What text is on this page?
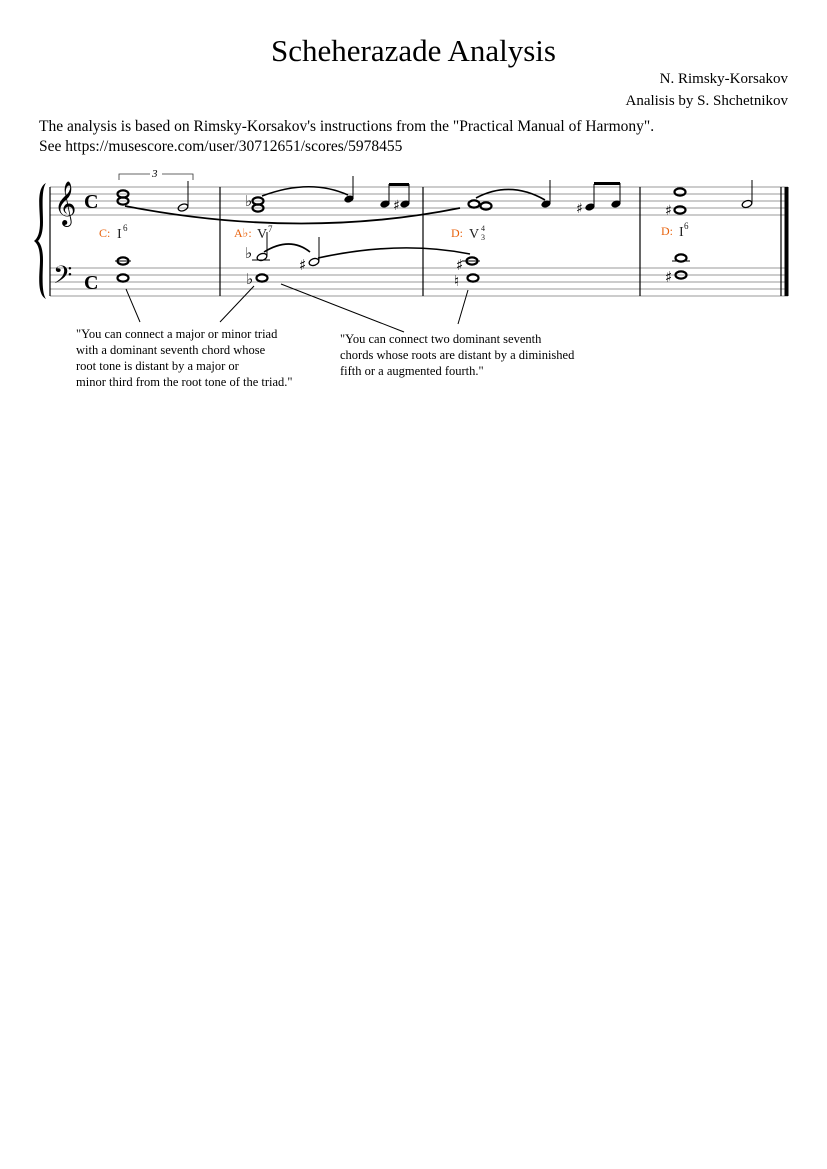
Scheherazade Analysis
N. Rimsky-Korsakov
Analisis by S. Shchetnikov
The analysis is based on Rimsky-Korsakov's instructions from the "Practical Manual of Harmony".
See https://musescore.com/user/30712651/scores/5978455
𝄞
𝄢
C
C
3
C: I 6
♭	♯
♭
♯
♭
A♭: V 7
♯
♯
♮
D: V 4
3
♯
♯
D: I 6
"You can connect a major or minor triad
with a dominant seventh chord whose
root tone is distant by a major or
minor third from the root tone of the triad."
"You can connect two dominant seventh
chords whose roots are distant by a diminished
fifth or a augmented fourth."
